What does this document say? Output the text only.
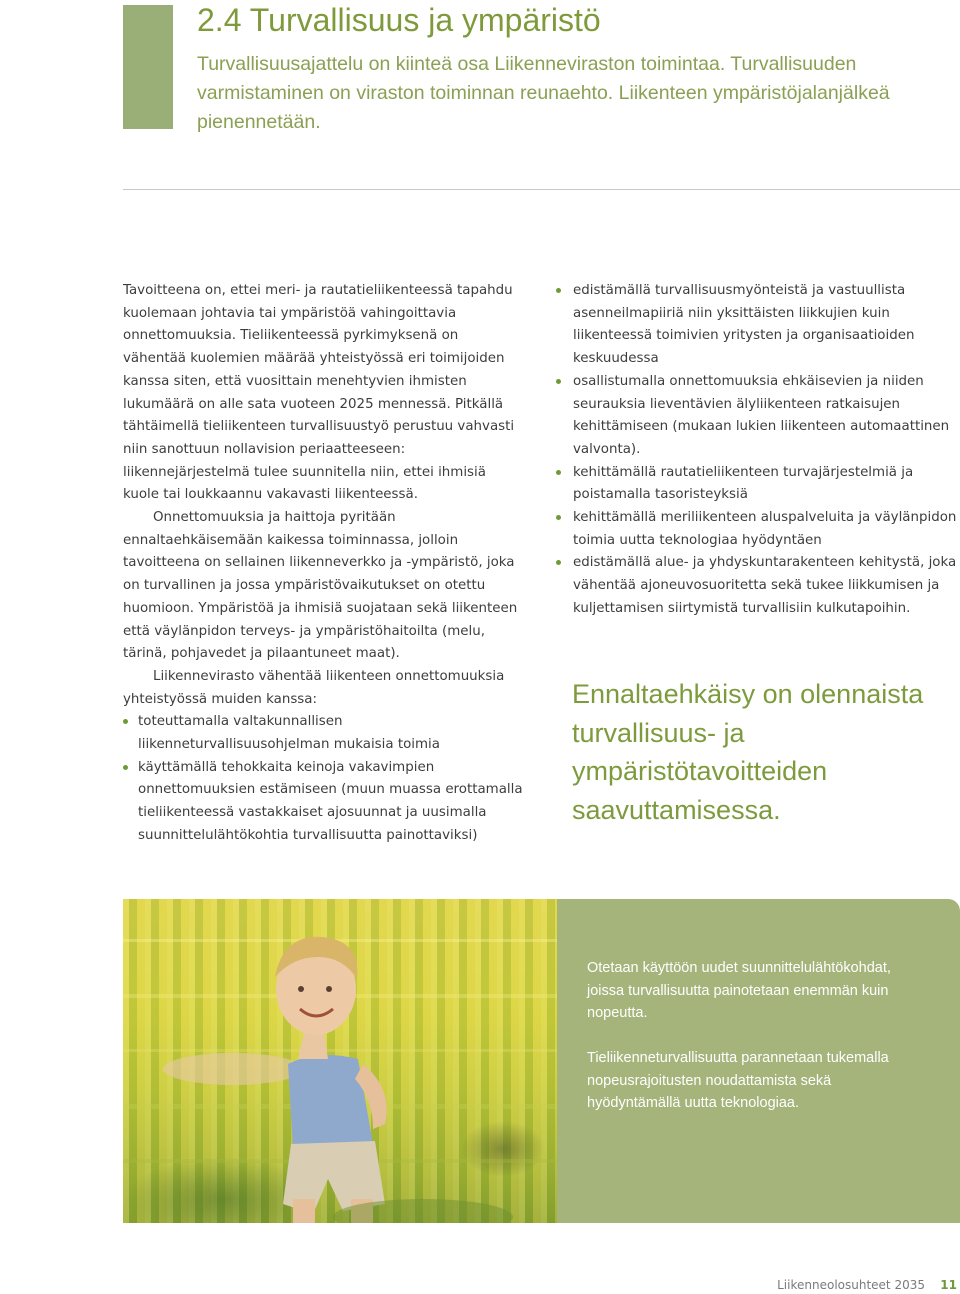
2.4 Turvallisuus ja ympäristö

Turvallisuusajattelu on kiinteä osa Liikenneviraston toimintaa. Turvallisuuden varmistaminen on viraston toiminnan reunaehto. Liikenteen ympäristöjalanjälkeä pienennetään.

Tavoitteena on, ettei meri- ja rautatieliikenteessä tapahdu kuolemaan johtavia tai ympäristöä vahingoittavia onnettomuuksia. Tieliikenteessä pyrkimyksenä on vähentää kuolemien määrää yhteistyössä eri toimijoiden kanssa siten, että vuosittain menehtyvien ihmisten lukumäärä on alle sata vuoteen 2025 mennessä. Pitkällä tähtäimellä tieliikenteen turvallisuustyö perustuu vahvasti niin sanottuun nollavision periaatteeseen: liikennejärjestelmä tulee suunnitella niin, ettei ihmisiä kuole tai loukkaannu vakavasti liikenteessä.

Onnettomuuksia ja haittoja pyritään ennaltaehkäisemään kaikessa toiminnassa, jolloin tavoitteena on sellainen liikenneverkko ja -ympäristö, joka on turvallinen ja jossa ympäristövaikutukset on otettu huomioon. Ympäristöä ja ihmisiä suojataan sekä liikenteen että väylänpidon terveys- ja ympäristöhaitoilta (melu, tärinä, pohjavedet ja pilaantuneet maat).

Liikennevirasto vähentää liikenteen onnettomuuksia yhteistyössä muiden kanssa:

toteuttamalla valtakunnallisen liikenneturvallisuusohjelman mukaisia toimia
käyttämällä tehokkaita keinoja vakavimpien onnettomuuksien estämiseen (muun muassa erottamalla tieliikenteessä vastakkaiset ajosuunnat ja uusimalla suunnittelulähtökohtia turvallisuutta painottaviksi)
edistämällä turvallisuusmyönteistä ja vastuullista asenneilmapiiriä niin yksittäisten liikkujien kuin liikenteessä toimivien yritysten ja organisaatioiden keskuudessa
osallistumalla onnettomuuksia ehkäisevien ja niiden seurauksia lieventävien älyliikenteen ratkaisujen kehittämiseen (mukaan lukien liikenteen automaattinen valvonta).
kehittämällä rautatieliikenteen turvajärjestelmiä ja poistamalla tasoristeyksiä
kehittämällä meriliikenteen aluspalveluita ja väylänpidon toimia uutta teknologiaa hyödyntäen
edistämällä alue- ja yhdyskuntarakenteen kehitystä, joka vähentää ajoneuvosuoritetta sekä tukee liikkumisen ja kuljettamisen siirtymistä turvallisiin kulkutapoihin.

Ennaltaehkäisy on olennaista turvallisuus- ja ympäristötavoitteiden saavuttamisessa.

Otetaan käyttöön uudet suunnittelulähtökohdat, joissa turvallisuutta painotetaan enemmän kuin nopeutta.

Tieliikenneturvallisuutta parannetaan tukemalla nopeusrajoitusten noudattamista sekä hyödyntämällä uutta teknologiaa.

Liikenneolosuhteet 2035 11
